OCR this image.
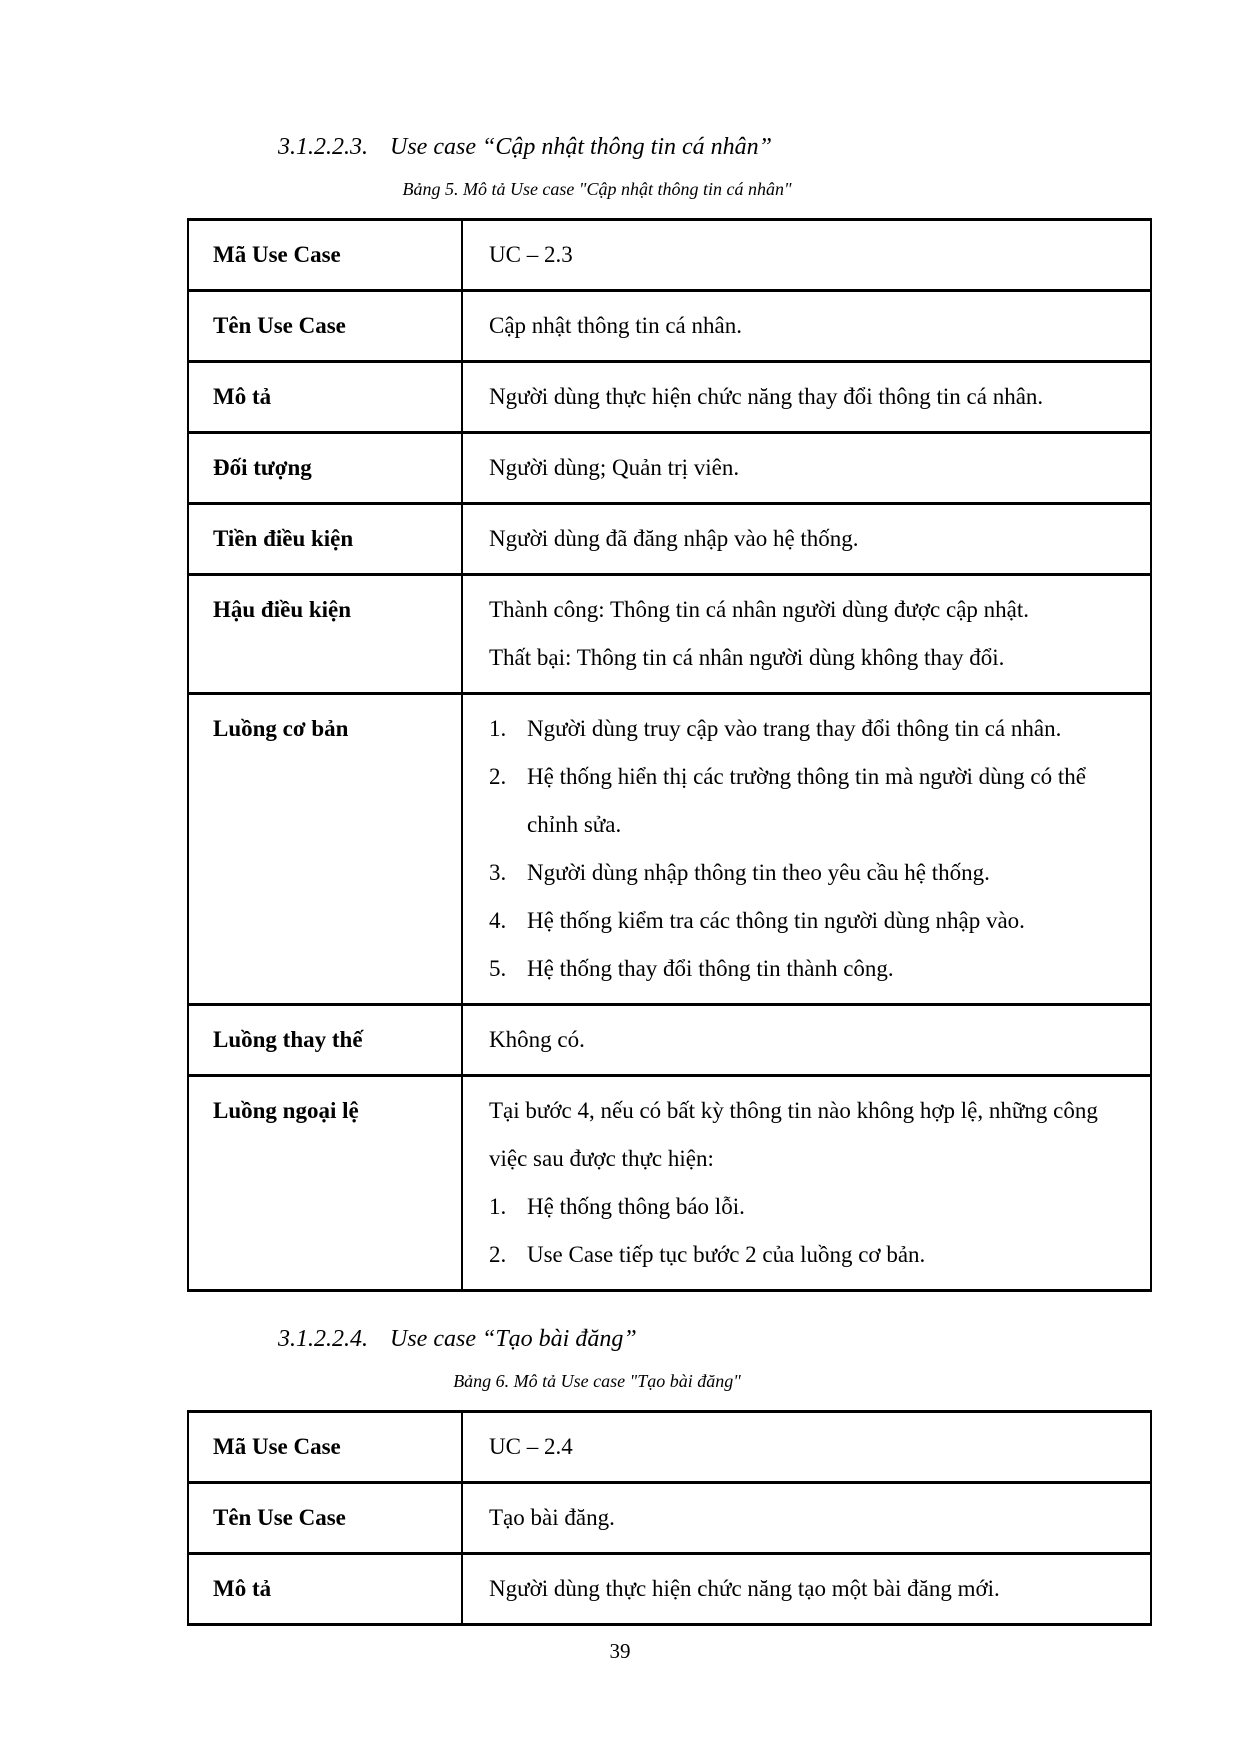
3.1.2.2.3. Use case “Cập nhật thông tin cá nhân”
Bảng 5. Mô tả Use case "Cập nhật thông tin cá nhân"
Mã Use Case	UC – 2.3

Tên Use Case	Cập nhật thông tin cá nhân.

Mô tả	Người dùng thực hiện chức năng thay đổi thông tin cá nhân.

Đối tượng	Người dùng; Quản trị viên.

Tiền điều kiện	Người dùng đã đăng nhập vào hệ thống.

Hậu điều kiện	Thành công: Thông tin cá nhân người dùng được cập nhật.

Thất bại: Thông tin cá nhân người dùng không thay đổi.

Luồng cơ bản	Người dùng truy cập vào trang thay đổi thông tin cá nhân.
Hệ thống hiển thị các trường thông tin mà người dùng có thể chỉnh sửa.
Người dùng nhập thông tin theo yêu cầu hệ thống.
Hệ thống kiểm tra các thông tin người dùng nhập vào.
Hệ thống thay đổi thông tin thành công.

Luồng thay thế	Không có.

Luồng ngoại lệ	Tại bước 4, nếu có bất kỳ thông tin nào không hợp lệ, những công việc sau được thực hiện:

Hệ thống thông báo lỗi.
Use Case tiếp tục bước 2 của luồng cơ bản.
3.1.2.2.4. Use case “Tạo bài đăng”
Bảng 6. Mô tả Use case "Tạo bài đăng"
Mã Use Case	UC – 2.4

Tên Use Case	Tạo bài đăng.

Mô tả	Người dùng thực hiện chức năng tạo một bài đăng mới.

39
